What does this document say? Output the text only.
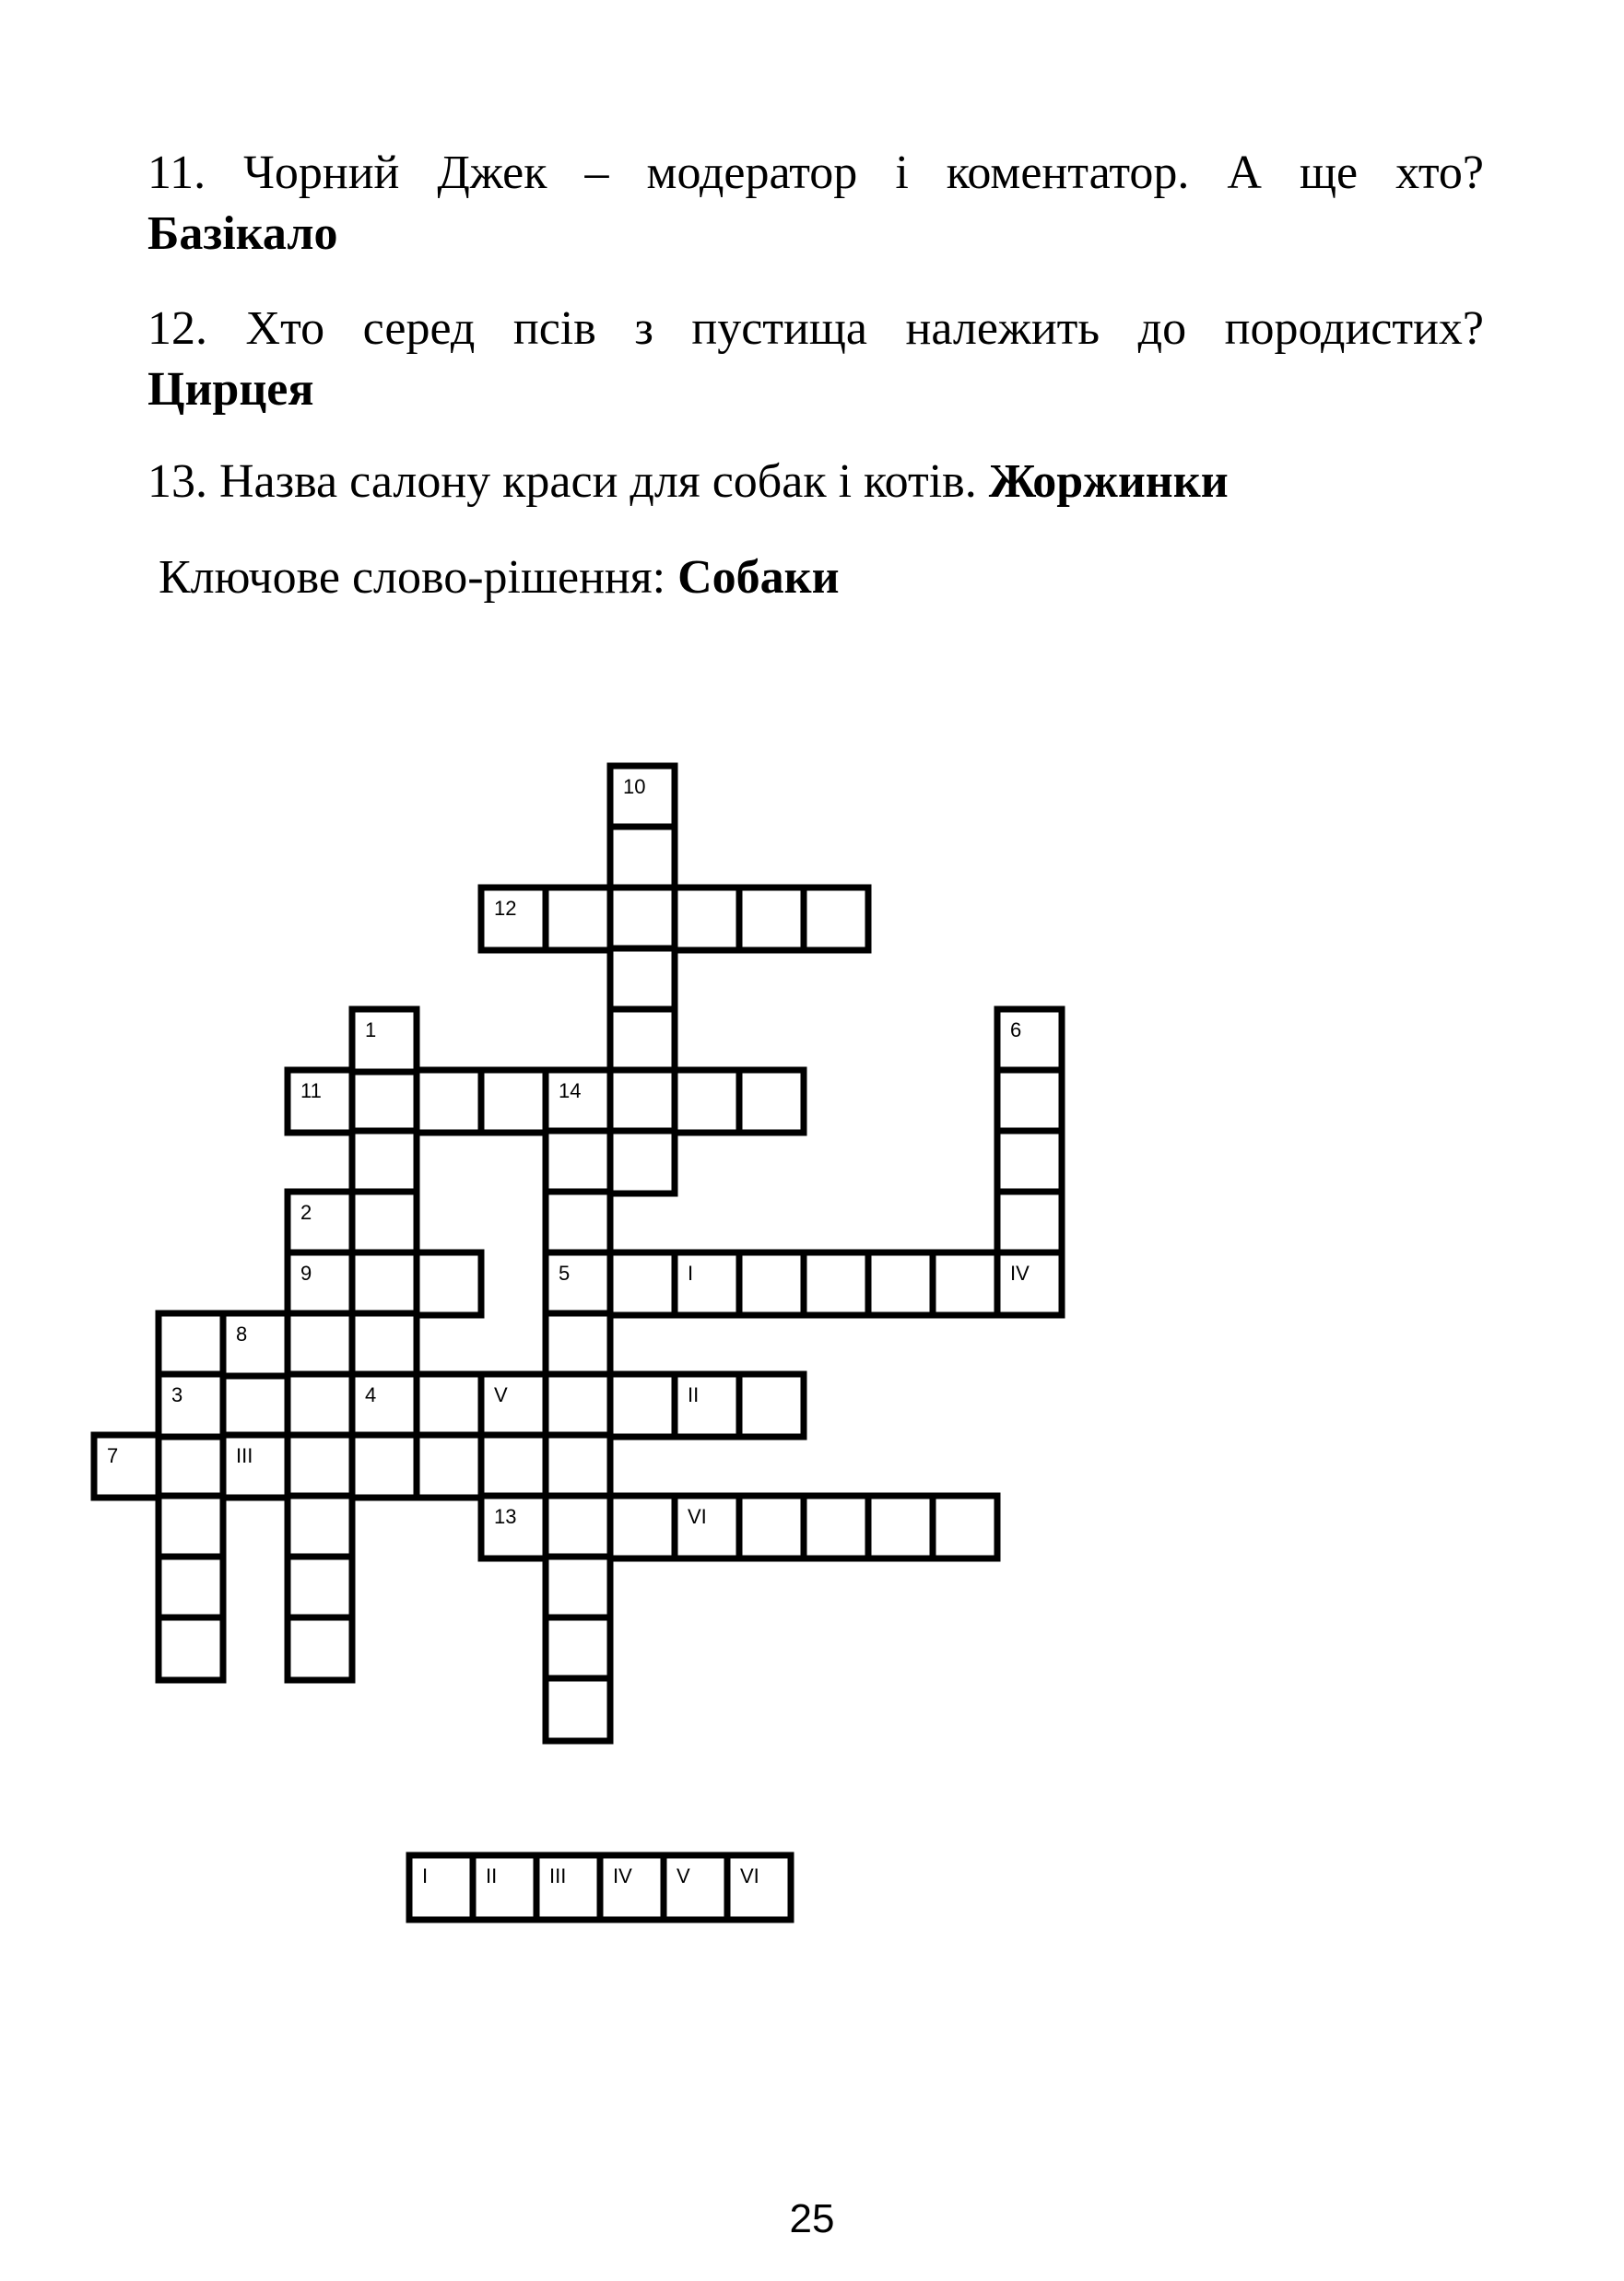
11. Чорний Джек – модератор і коментатор. А ще хто?
Базікало
12. Хто серед псів з пустища належить до породистих?
Цирцея
13. Назва салону краси для собак і котів. Жоржинки
Ключове слово-рішення: Собаки
10
12
1	6
11	14
2
9	5	I	IV
8
3	4	V	II
7	III
13	VI
I	II	III IV V VI
25
